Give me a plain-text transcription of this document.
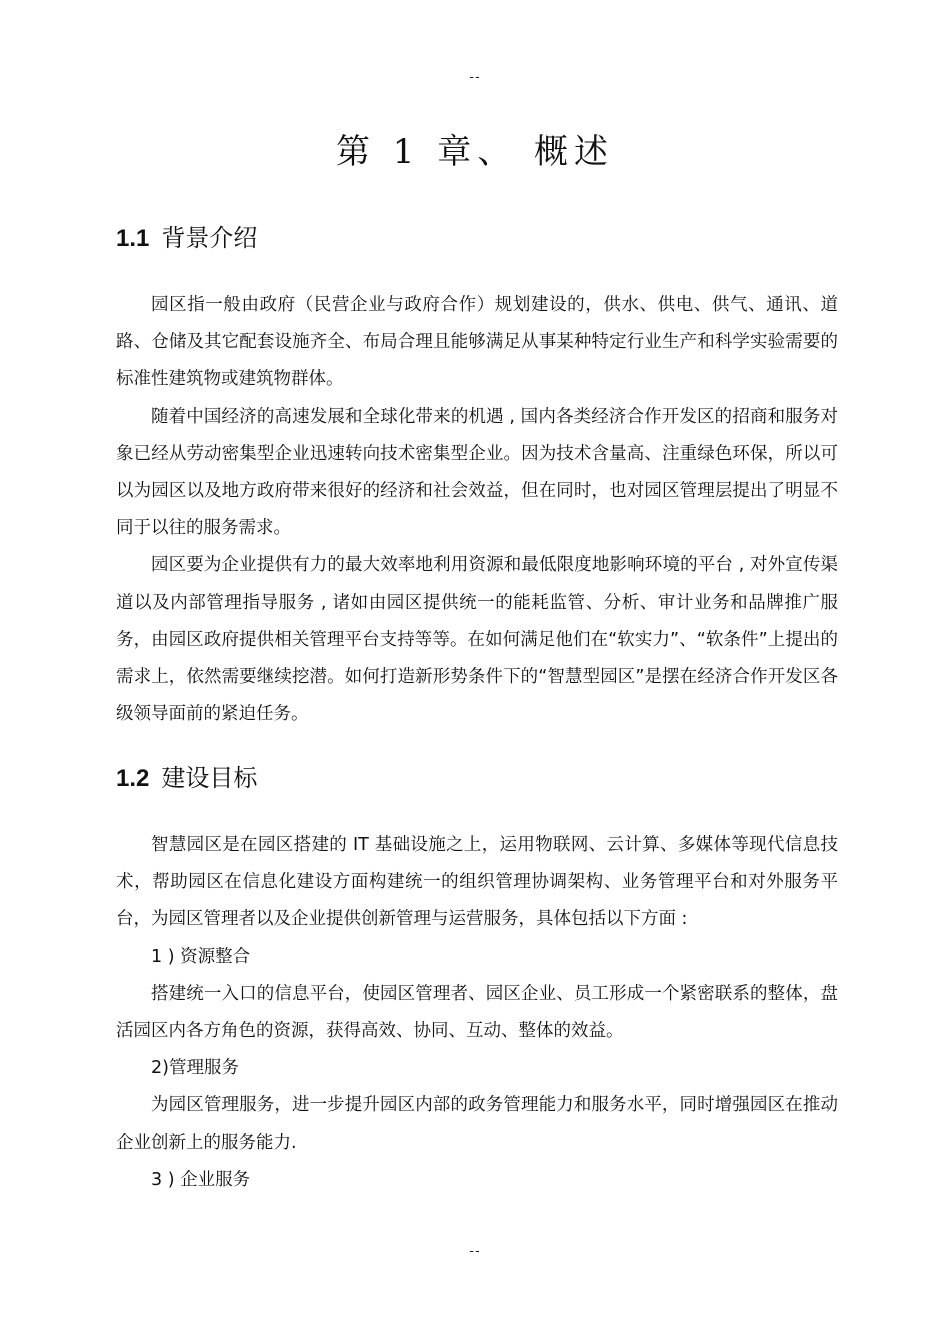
--
第 1 章、 概述
1.1 背景介绍

园区指一般由政府（民营企业与政府合作）规划建设的，供水、供电、供气、通讯、道路、仓储及其它配套设施齐全、布局合理且能够满足从事某种特定行业生产和科学实验需要的标准性建筑物或建筑物群体。

随着中国经济的高速发展和全球化带来的机遇 , 国内各类经济合作开发区的招商和服务对象已经从劳动密集型企业迅速转向技术密集型企业。因为技术含量高、注重绿色环保，所以可以为园区以及地方政府带来很好的经济和社会效益，但在同时，也对园区管理层提出了明显不同于以往的服务需求。

园区要为企业提供有力的最大效率地利用资源和最低限度地影响环境的平台 , 对外宣传渠道以及内部管理指导服务 , 诸如由园区提供统一的能耗监管、分析、审计业务和品牌推广服务，由园区政府提供相关管理平台支持等等。在如何满足他们在“软实力”、“软条件”上提出的需求上，依然需要继续挖潜。如何打造新形势条件下的“智慧型园区”是摆在经济合作开发区各级领导面前的紧迫任务。

1.2 建设目标

智慧园区是在园区搭建的 IT 基础设施之上，运用物联网、云计算、多媒体等现代信息技术，帮助园区在信息化建设方面构建统一的组织管理协调架构、业务管理平台和对外服务平台，为园区管理者以及企业提供创新管理与运营服务，具体包括以下方面 :

1 ) 资源整合

搭建统一入口的信息平台，使园区管理者、园区企业、员工形成一个紧密联系的整体，盘活园区内各方角色的资源，获得高效、协同、互动、整体的效益。

2)管理服务

为园区管理服务，进一步提升园区内部的政务管理能力和服务水平，同时增强园区在推动企业创新上的服务能力.

3 ) 企业服务

--
